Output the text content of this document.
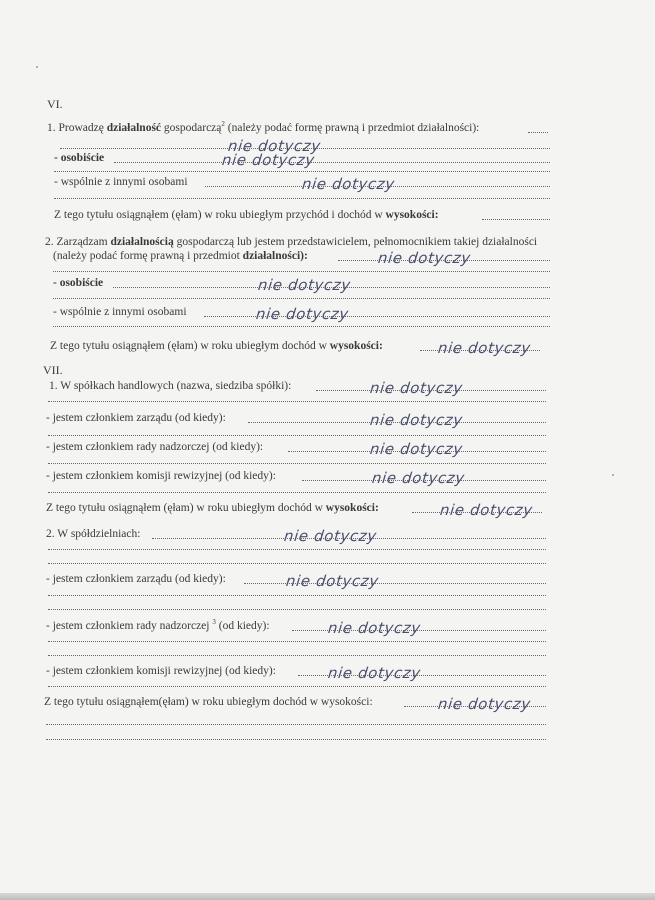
VI.
1. Prowadzę działalność gospodarczą$^2$ (należy podać formę prawną i przedmiot działalności):
nie dotyczy
- osobiście	nie dotyczy
- wspólnie z innymi osobami	nie dotyczy
Z tego tytułu osiągnąłem (ęłam) w roku ubiegłym przychód i dochód w wysokości:
2. Zarządzam działalnością gospodarczą lub jestem przedstawicielem, pełnomocnikiem takiej działalności
(należy podać formę prawną i przedmiot działalności):	nie dotyczy
- osobiście	nie dotyczy
- wspólnie z innymi osobami	nie dotyczy
Z tego tytułu osiągnąłem (ęłam) w roku ubiegłym dochód w wysokości:	nie dotyczy
VII.
1. W spółkach handlowych (nazwa, siedziba spółki):	nie dotyczy
- jestem członkiem zarządu (od kiedy):	nie dotyczy
- jestem członkiem rady nadzorczej (od kiedy):	nie dotyczy
- jestem członkiem komisji rewizyjnej (od kiedy):	nie dotyczy
Z tego tytułu osiągnąłem (ęłam) w roku ubiegłym dochód w wysokości:	nie dotyczy
2. W spółdzielniach:	nie dotyczy
- jestem członkiem zarządu (od kiedy):	nie dotyczy
- jestem członkiem rady nadzorczej $^3$ (od kiedy):	nie dotyczy
- jestem członkiem komisji rewizyjnej (od kiedy):	nie dotyczy
Z tego tytułu osiągnąłem(ęłam) w roku ubiegłym dochód w wysokości:	nie dotyczy
